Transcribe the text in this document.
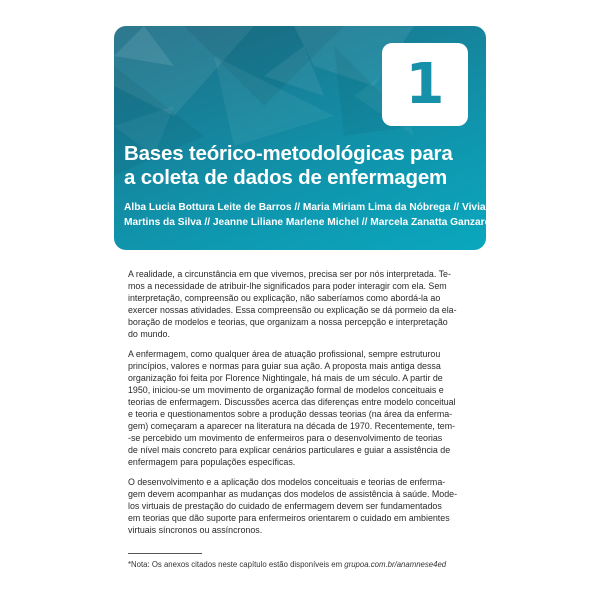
1
Bases teórico-metodológicas para
a coleta de dados de enfermagem
Alba Lucia Bottura Leite de Barros // Maria Miriam Lima da Nóbrega // Viviane
Martins da Silva // Jeanne Liliane Marlene Michel // Marcela Zanatta Ganzarolli
A realidade, a circunstância em que vivemos, precisa ser por nós interpretada. Te-
mos a necessidade de atribuir-lhe significados para poder interagir com ela. Sem
interpretação, compreensão ou explicação, não saberíamos como abordá-la ao
exercer nossas atividades. Essa compreensão ou explicação se dá pormeio da ela-
boração de modelos e teorias, que organizam a nossa percepção e interpretação
do mundo.
A enfermagem, como qualquer área de atuação profissional, sempre estruturou
princípios, valores e normas para guiar sua ação. A proposta mais antiga dessa
organização foi feita por Florence Nightingale, há mais de um século. A partir de
1950, iniciou-se um movimento de organização formal de modelos conceituais e
teorias de enfermagem. Discussões acerca das diferenças entre modelo conceitual
e teoria e questionamentos sobre a produção dessas teorias (na área da enferma-
gem) começaram a aparecer na literatura na década de 1970. Recentemente, tem-
-se percebido um movimento de enfermeiros para o desenvolvimento de teorias
de nível mais concreto para explicar cenários particulares e guiar a assistência de
enfermagem para populações específicas.
O desenvolvimento e a aplicação dos modelos conceituais e teorias de enferma-
gem devem acompanhar as mudanças dos modelos de assistência à saúde. Mode-
los virtuais de prestação do cuidado de enfermagem devem ser fundamentados
em teorias que dão suporte para enfermeiros orientarem o cuidado em ambientes
virtuais síncronos ou assíncronos.
*Nota: Os anexos citados neste capítulo estão disponíveis em grupoa.com.br/anamnese4ed
